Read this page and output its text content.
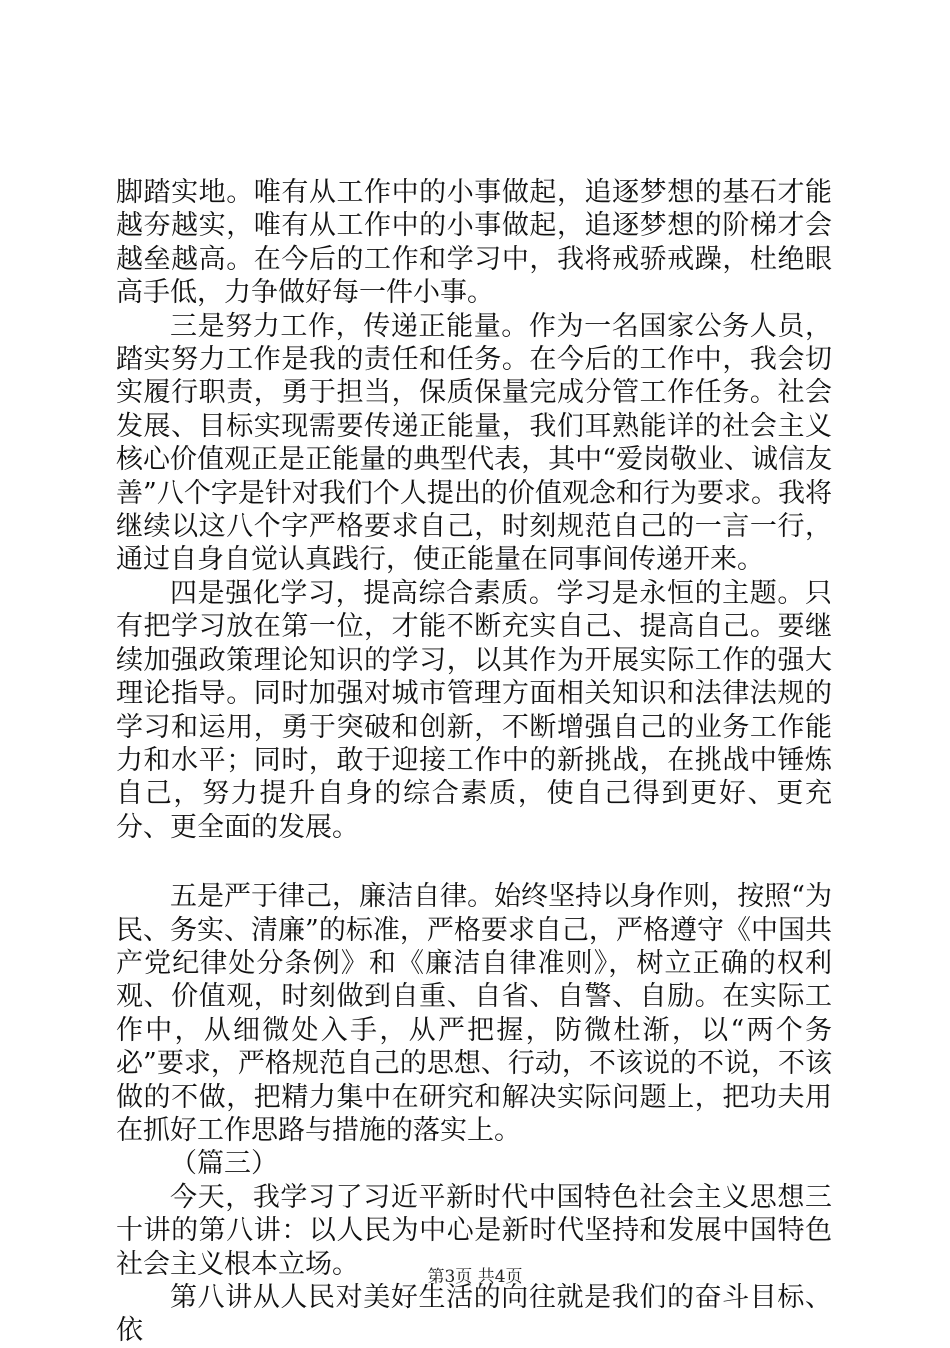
脚踏实地。唯有从工作中的小事做起，追逐梦想的基石才能越夯越实，唯有从工作中的小事做起，追逐梦想的阶梯才会越垒越高。在今后的工作和学习中，我将戒骄戒躁，杜绝眼高手低，力争做好每一件小事。

三是努力工作，传递正能量。作为一名国家公务人员，踏实努力工作是我的责任和任务。在今后的工作中，我会切实履行职责，勇于担当，保质保量完成分管工作任务。社会发展、目标实现需要传递正能量，我们耳熟能详的社会主义核心价值观正是正能量的典型代表，其中“爱岗敬业、诚信友善”八个字是针对我们个人提出的价值观念和行为要求。我将继续以这八个字严格要求自己，时刻规范自己的一言一行，通过自身自觉认真践行，使正能量在同事间传递开来。

四是强化学习，提高综合素质。学习是永恒的主题。只有把学习放在第一位，才能不断充实自己、提高自己。要继续加强政策理论知识的学习，以其作为开展实际工作的强大理论指导。同时加强对城市管理方面相关知识和法律法规的学习和运用，勇于突破和创新，不断增强自己的业务工作能力和水平；同时，敢于迎接工作中的新挑战，在挑战中锤炼自己，努力提升自身的综合素质，使自己得到更好、更充分、更全面的发展。

五是严于律己，廉洁自律。始终坚持以身作则，按照“为民、务实、清廉”的标准，严格要求自己，严格遵守《中国共产党纪律处分条例》和《廉洁自律准则》，树立正确的权利观、价值观，时刻做到自重、自省、自警、自励。在实际工作中，从细微处入手，从严把握，防微杜渐，以“两个务必”要求，严格规范自己的思想、行动，不该说的不说，不该做的不做，把精力集中在研究和解决实际问题上，把功夫用在抓好工作思路与措施的落实上。

（篇三）

今天，我学习了习近平新时代中国特色社会主义思想三十讲的第八讲：以人民为中心是新时代坚持和发展中国特色社会主义根本立场。

第八讲从人民对美好生活的向往就是我们的奋斗目标、依

第3页 共4页
